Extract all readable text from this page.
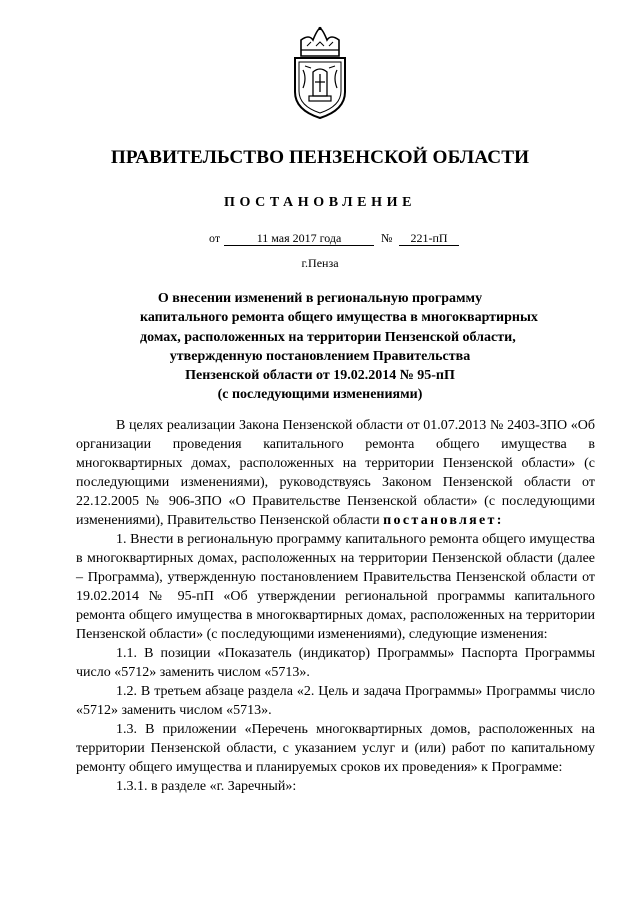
ПРАВИТЕЛЬСТВО ПЕНЗЕНСКОЙ ОБЛАСТИ
ПОСТАНОВЛЕНИЕ
от	11 мая 2017 года	№	221-пП
г.Пенза
О внесении изменений в региональную программу
капитального ремонта общего имущества в многоквартирных
домах, расположенных на территории Пензенской области,
утвержденную постановлением Правительства
Пензенской области от 19.02.2014 № 95-пП
(с последующими изменениями)

В целях реализации Закона Пензенской области от 01.07.2013 № 2403-ЗПО «Об организации проведения капитального ремонта общего имущества в многоквартирных домах, расположенных на территории Пензенской области» (с последующими изменениями), руководствуясь Законом Пензенской области от 22.12.2005 № 906-ЗПО «О Правительстве Пензенской области» (с последующими изменениями), Правительство Пензенской области постановляет:

1. Внести в региональную программу капитального ремонта общего имущества в многоквартирных домах, расположенных на территории Пензенской области (далее – Программа), утвержденную постановлением Правительства Пензенской области от 19.02.2014 № 95-пП «Об утверждении региональной программы капитального ремонта общего имущества в многоквартирных домах, расположенных на территории Пензенской области» (с последующими изменениями), следующие изменения:

1.1. В позиции «Показатель (индикатор) Программы» Паспорта Программы число «5712» заменить числом «5713».

1.2. В третьем абзаце раздела «2. Цель и задача Программы» Программы число «5712» заменить числом «5713».

1.3. В приложении «Перечень многоквартирных домов, расположенных на территории Пензенской области, с указанием услуг и (или) работ по капитальному ремонту общего имущества и планируемых сроков их проведения» к Программе:

1.3.1. в разделе «г. Заречный»:
